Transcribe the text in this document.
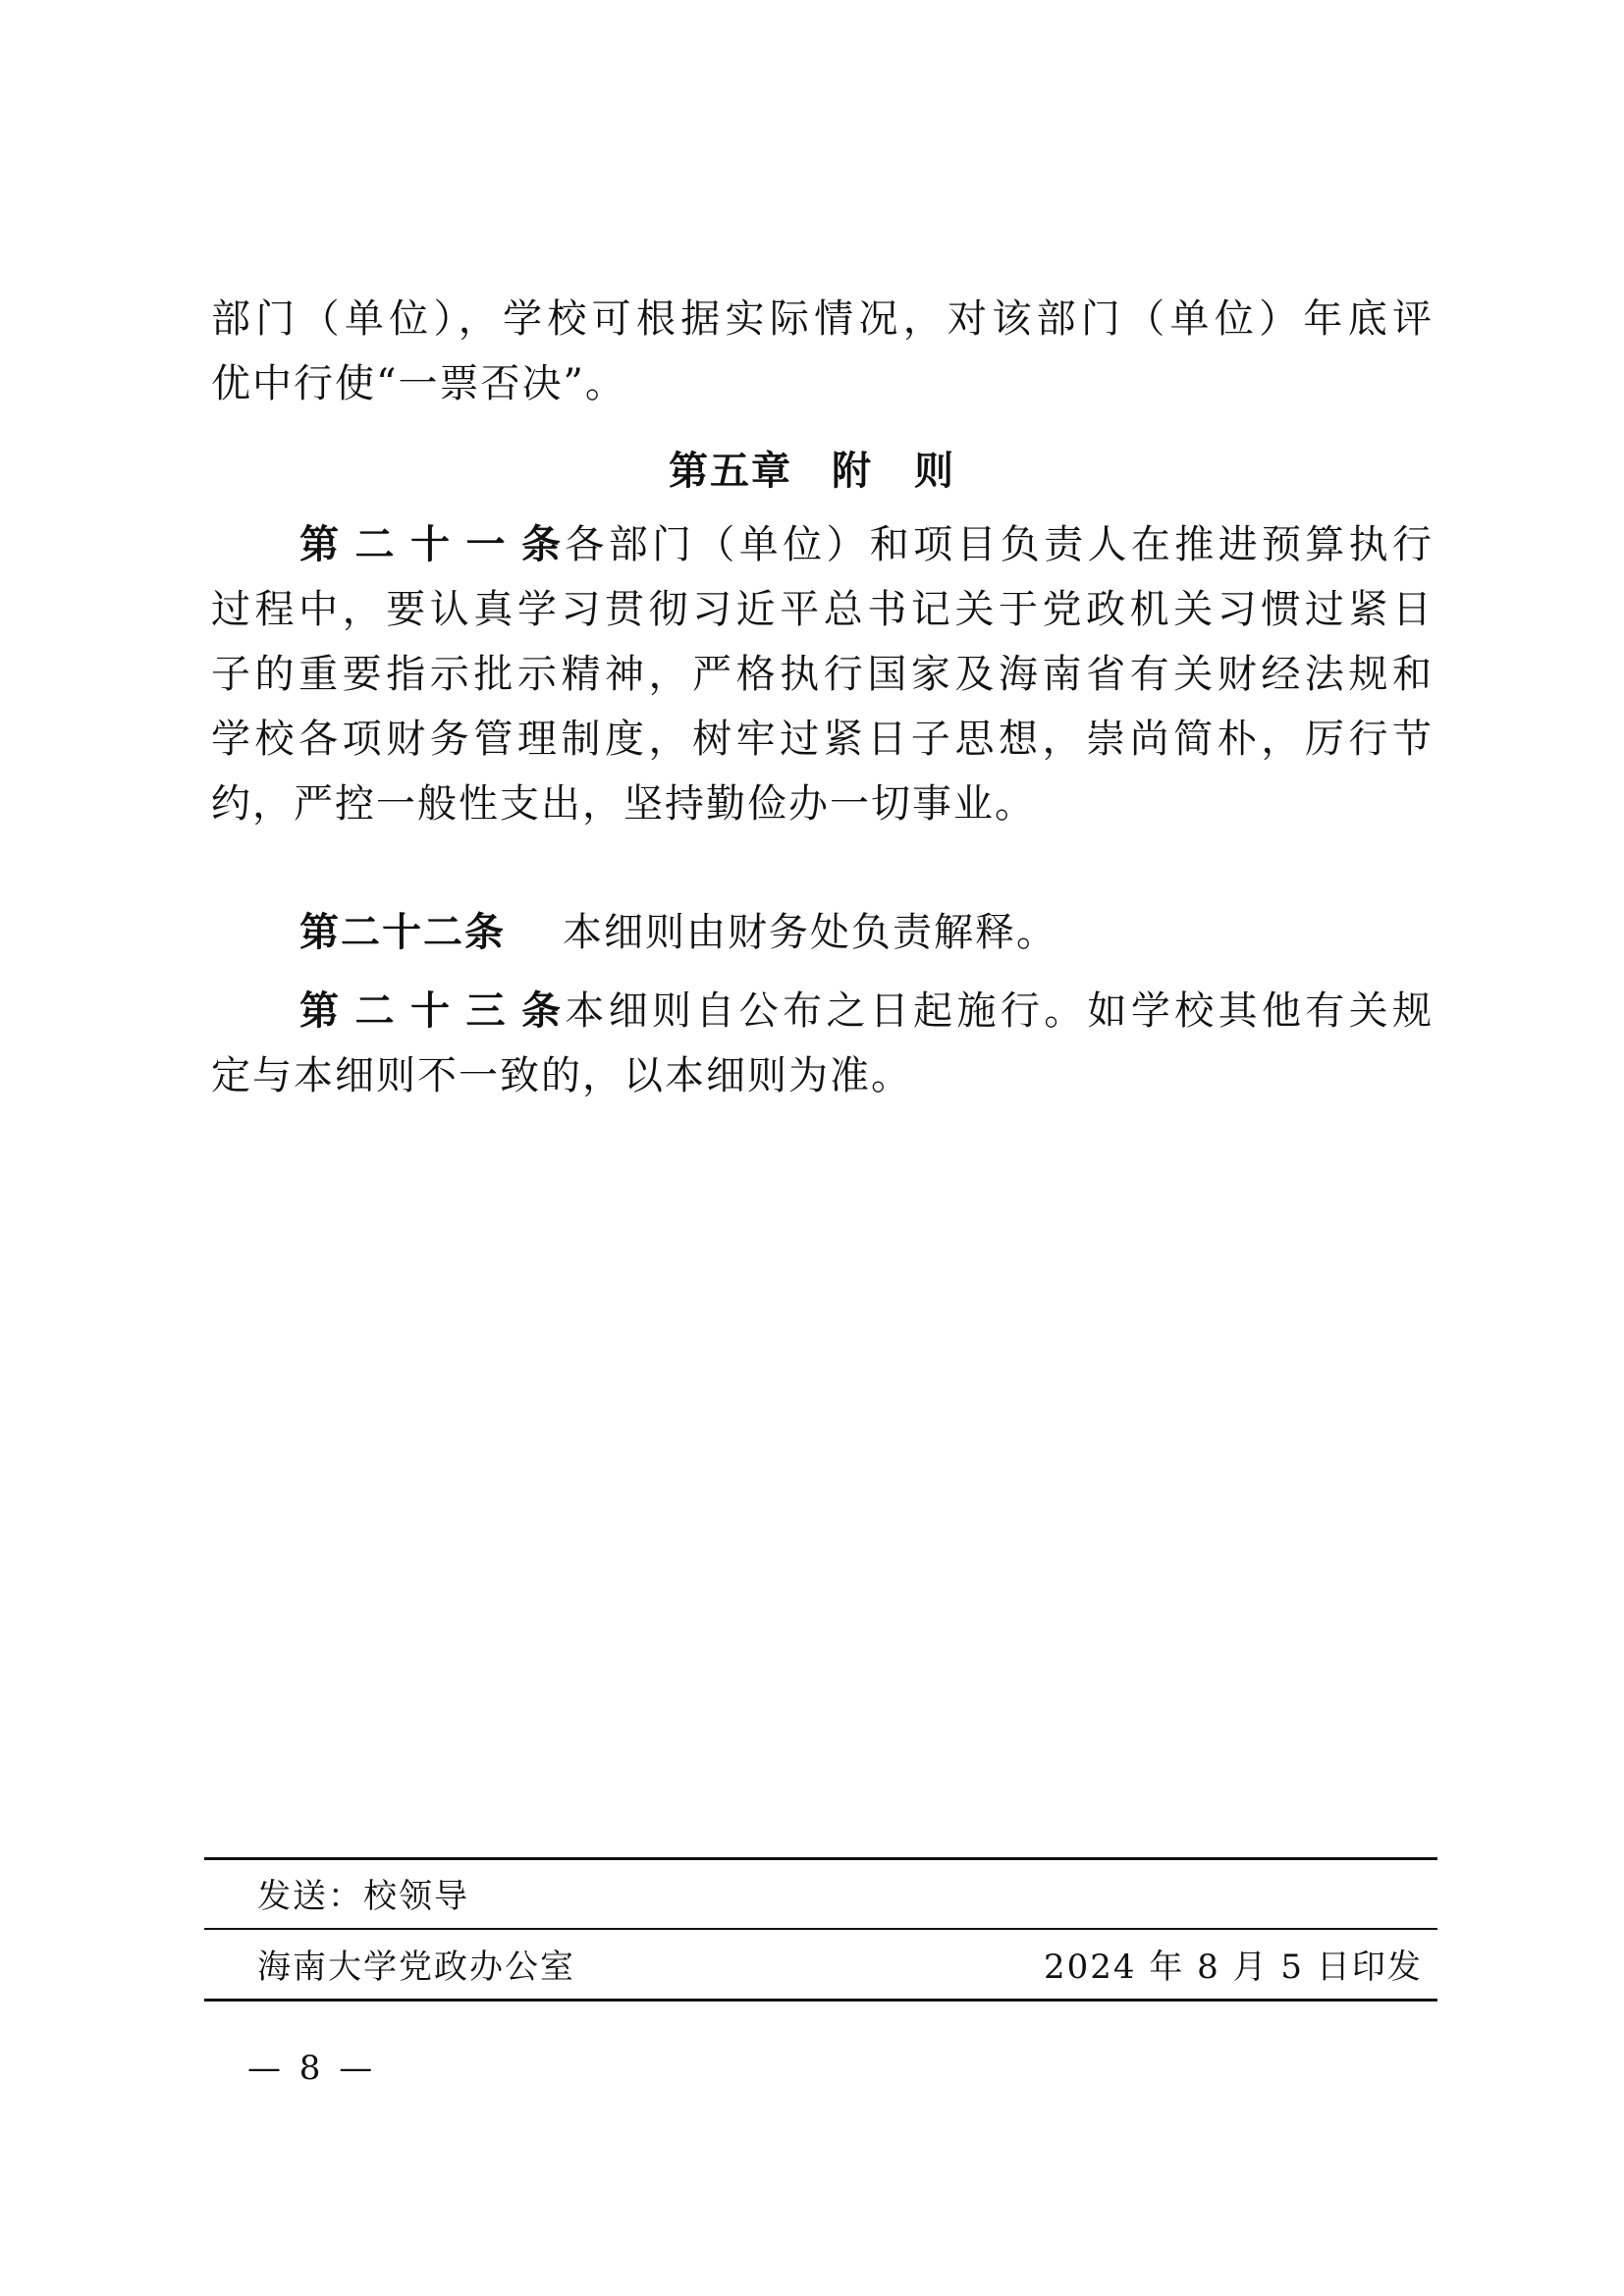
部门（单位），学校可根据实际情况，对该部门（单位）年底评
优中行使“一票否决”。
第五章 附　则
第二十一条各部门（单位）和项目负责人在推进预算执行
过程中，要认真学习贯彻习近平总书记关于党政机关习惯过紧日
子的重要指示批示精神，严格执行国家及海南省有关财经法规和
学校各项财务管理制度，树牢过紧日子思想，崇尚简朴，厉行节
约，严控一般性支出，坚持勤俭办一切事业。
第二十二条 本细则由财务处负责解释。
第二十三条本细则自公布之日起施行。如学校其他有关规
定与本细则不一致的，以本细则为准。
发送：校领导
海南大学党政办公室	2024 年 8 月 5 日印发
— 8 —
